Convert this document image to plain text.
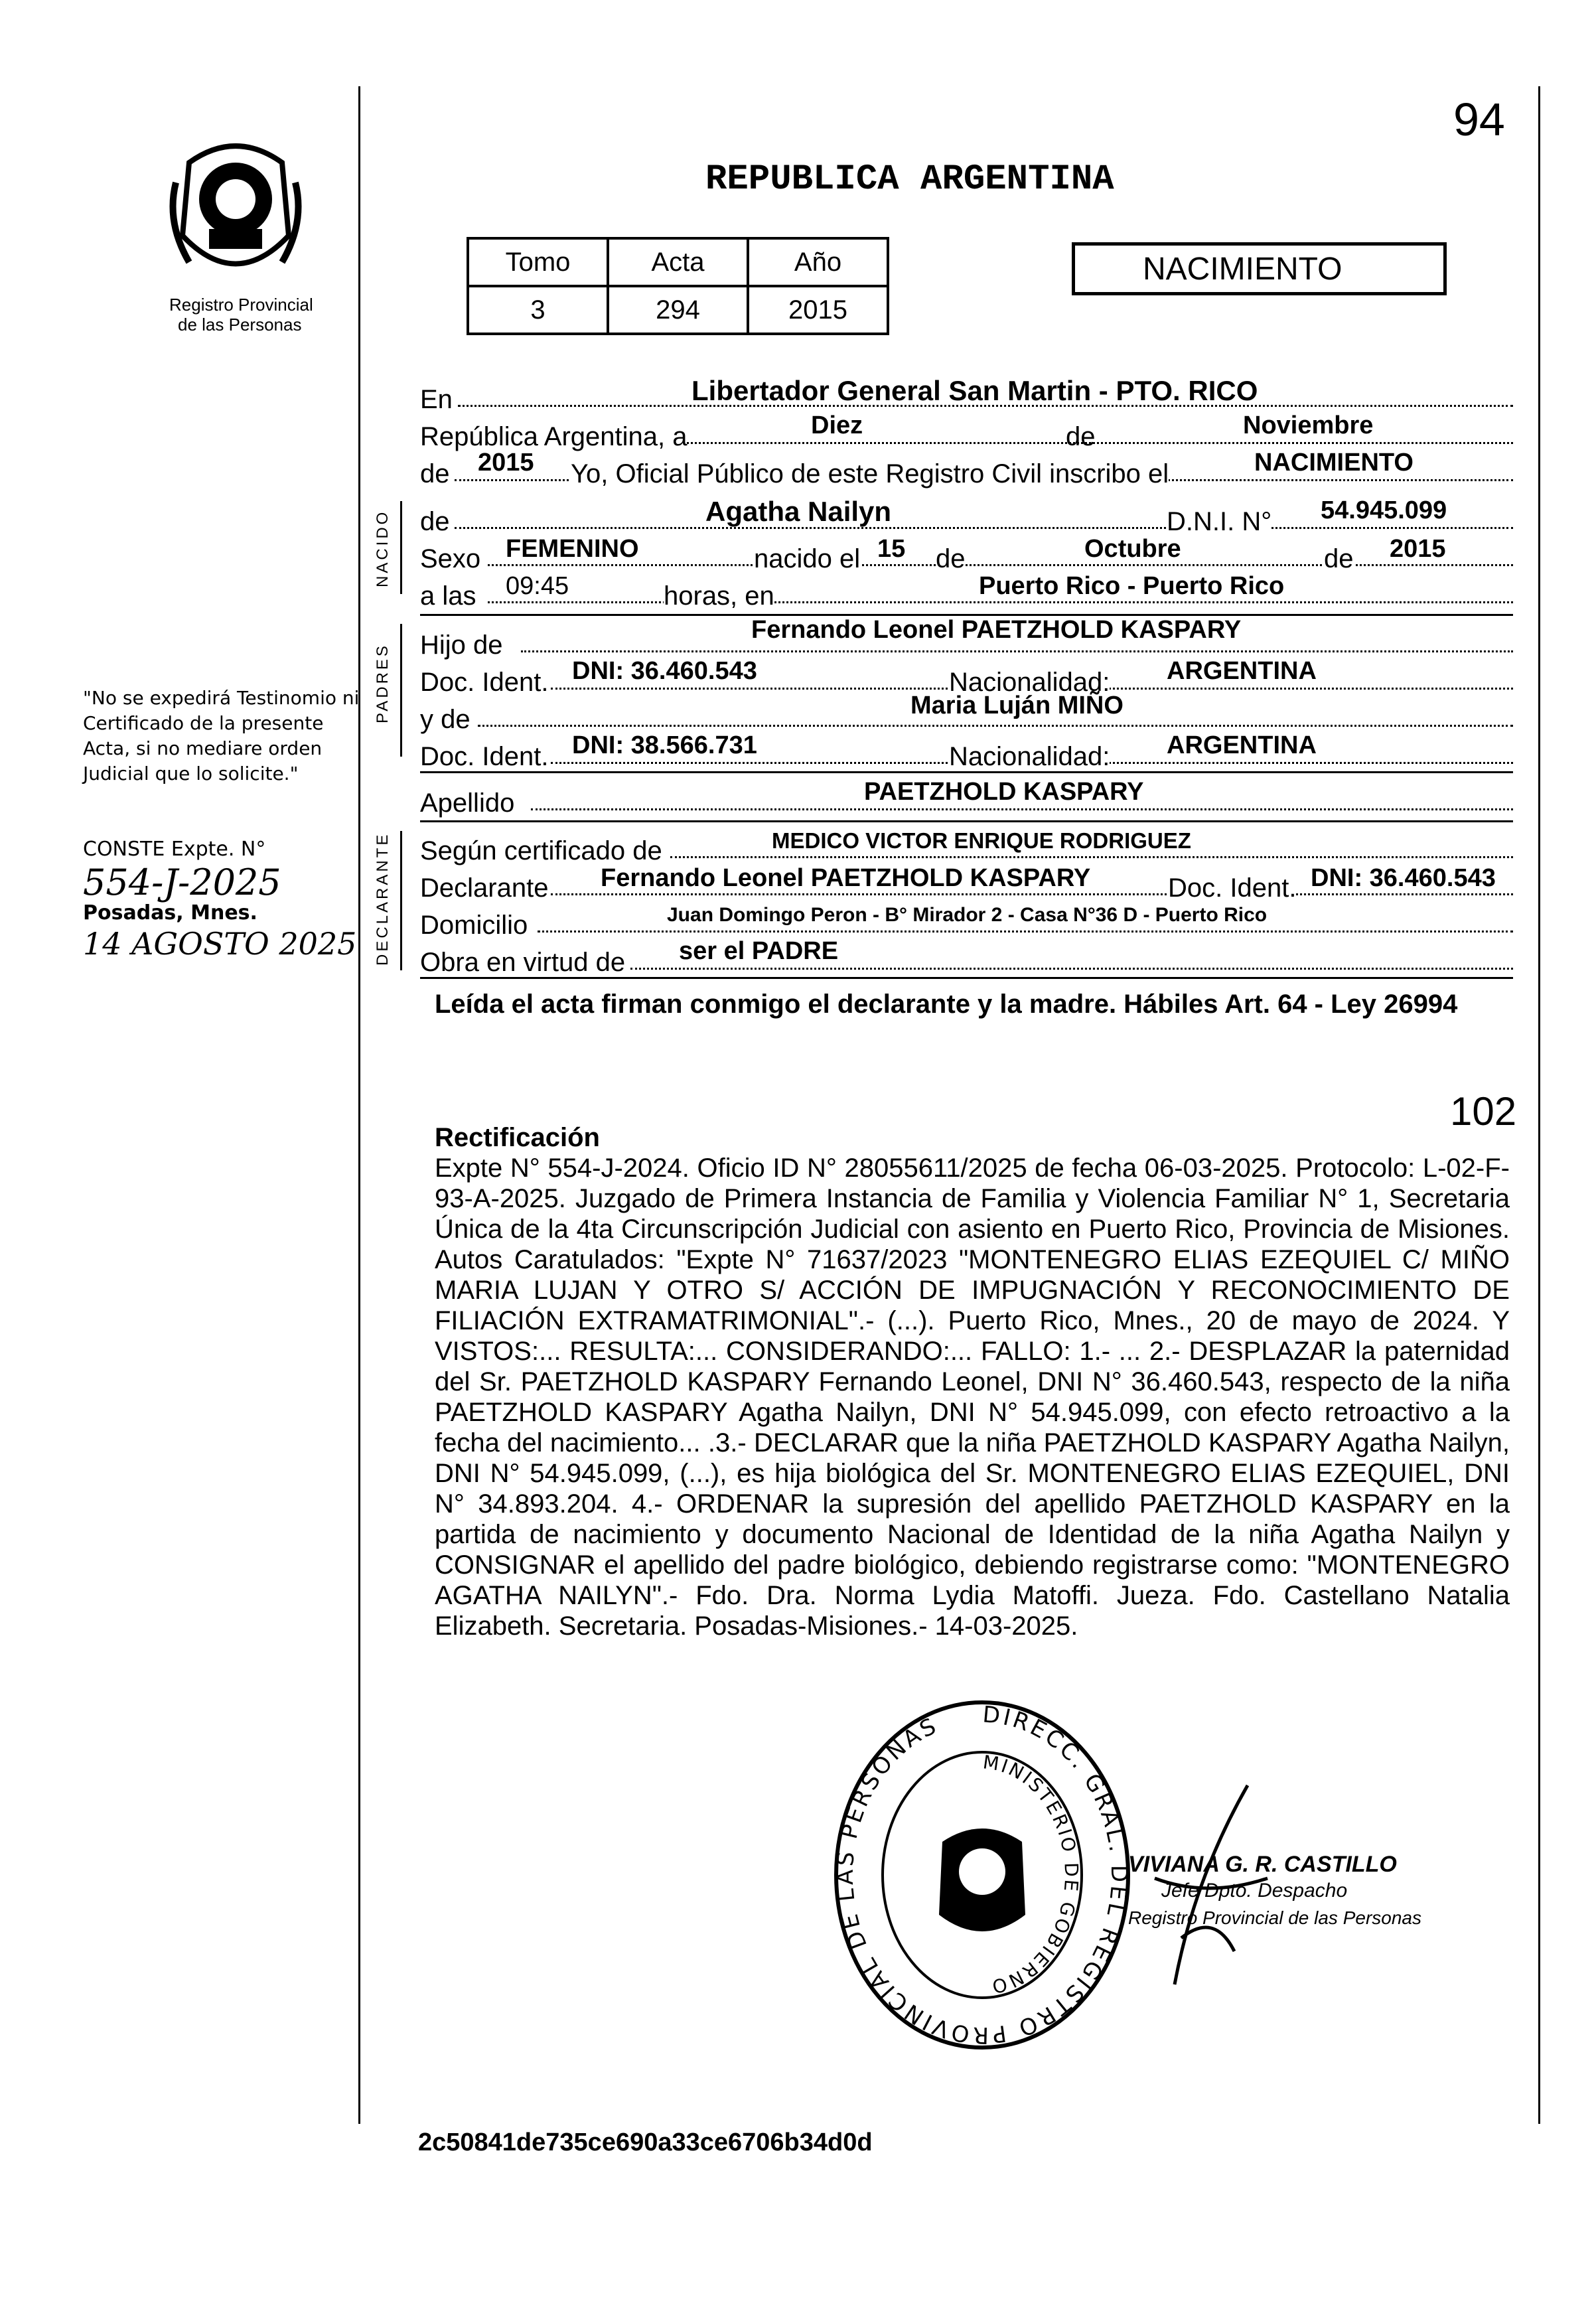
94
Registro Provincial
de las Personas
REPUBLICA ARGENTINA
Tomo	Acta	Año
3	294	2015
NACIMIENTO
En	Libertador General San Martin - PTO. RICO
República Argentina, a	Diez	de	Noviembre
de 2015 Yo, Oficial Público de este Registro Civil inscribo el	NACIMIENTO
NACIDO de	Agatha Nailyn	D.N.I. N° 54.945.099
Sexo FEMENINO	nacido el 15 de	Octubre	de 2015
a las 09:45	horas, en	Puerto Rico - Puerto Rico
PADRES Hijo de
Fernando Leonel PAETZHOLD KASPARY
Doc. Ident. DNI: 36.460.543	Nacionalidad: ARGENTINA
y de	Maria Luján MIÑO
Doc. Ident. DNI: 38.566.731	Nacionalidad: ARGENTINA
Apellido	PAETZHOLD KASPARY
DECLARANTE Según certificado de	MEDICO VICTOR ENRIQUE RODRIGUEZ
Declarante Fernando Leonel PAETZHOLD KASPARY	Doc. Ident. DNI: 36.460.543
Domicilio	Juan Domingo Peron - B° Mirador 2 - Casa N°36 D - Puerto Rico
Obra en virtud de ser el PADRE
Leída el acta firman conmigo el declarante y la madre. Hábiles Art. 64 - Ley 26994
"No se expedirá Testinomio ni Certificado de la presente Acta, si no mediare orden Judicial que lo solicite."
CONSTE Expte. N°
554-J-2025
Posadas, Mnes.
14 AGOSTO 2025
102
Rectificación
Expte N° 554-J-2024. Oficio ID N° 28055611/2025 de fecha 06-03-2025. Protocolo: L-02-F-93-A-2025. Juzgado de Primera Instancia de Familia y Violencia Familiar N° 1, Secretaria Única de la 4ta Circunscripción Judicial con asiento en Puerto Rico, Provincia de Misiones. Autos Caratulados: "Expte N° 71637/2023 "MONTENEGRO ELIAS EZEQUIEL C/ MIÑO MARIA LUJAN Y OTRO S/ ACCIÓN DE IMPUGNACIÓN Y RECONOCIMIENTO DE FILIACIÓN EXTRAMATRIMONIAL".- (...). Puerto Rico, Mnes., 20 de mayo de 2024. Y VISTOS:... RESULTA:... CONSIDERANDO:... FALLO: 1.- ... 2.- DESPLAZAR la paternidad del Sr. PAETZHOLD KASPARY Fernando Leonel, DNI N° 36.460.543, respecto de la niña PAETZHOLD KASPARY Agatha Nailyn, DNI N° 54.945.099, con efecto retroactivo a la fecha del nacimiento... .3.- DECLARAR que la niña PAETZHOLD KASPARY Agatha Nailyn, DNI N° 54.945.099, (...), es hija biológica del Sr. MONTENEGRO ELIAS EZEQUIEL, DNI N° 34.893.204. 4.- ORDENAR la supresión del apellido PAETZHOLD KASPARY en la partida de nacimiento y documento Nacional de Identidad de la niña Agatha Nailyn y CONSIGNAR el apellido del padre biológico, debiendo registrarse como: "MONTENEGRO AGATHA NAILYN".- Fdo. Dra. Norma Lydia Matoffi. Jueza. Fdo. Castellano Natalia Elizabeth. Secretaria. Posadas-Misiones.- 14-03-2025.
DIRECC. GRAL. DEL REGISTRO PROVINCIAL DE LAS PERSONAS
MINISTERIO DE GOBIERNO
VIVIANA G. R. CASTILLO
Jefe Dpto. Despacho
Registro Provincial de las Personas
2c50841de735ce690a33ce6706b34d0d
